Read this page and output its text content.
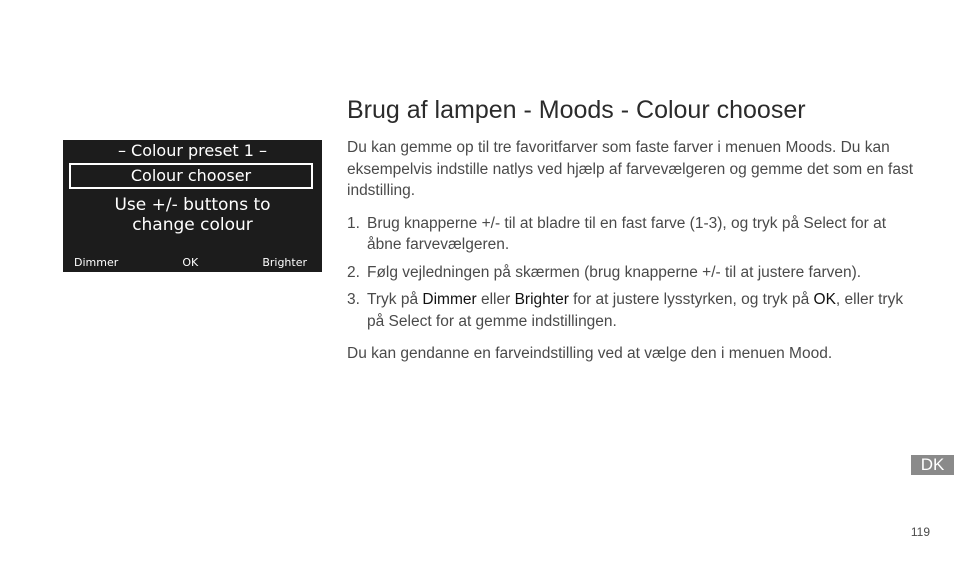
– Colour preset 1 –
Colour chooser
Use +/- buttons to
change colour
Dimmer	OK	Brighter
Brug af lampen - Moods - Colour chooser

Du kan gemme op til tre favoritfarver som faste farver i menuen Moods. Du kan eksempelvis indstille natlys ved hjælp af farvevælgeren og gemme det som en fast indstilling.

1. Brug knapperne +/- til at bladre til en fast farve (1-3), og tryk på Select for at åbne farvevælgeren.
2. Følg vejledningen på skærmen (brug knapperne +/- til at justere farven).
3. Tryk på Dimmer eller Brighter for at justere lysstyrken, og tryk på OK, eller tryk på Select for at gemme indstillingen.

Du kan gendanne en farveindstilling ved at vælge den i menuen Mood.

DK
119
